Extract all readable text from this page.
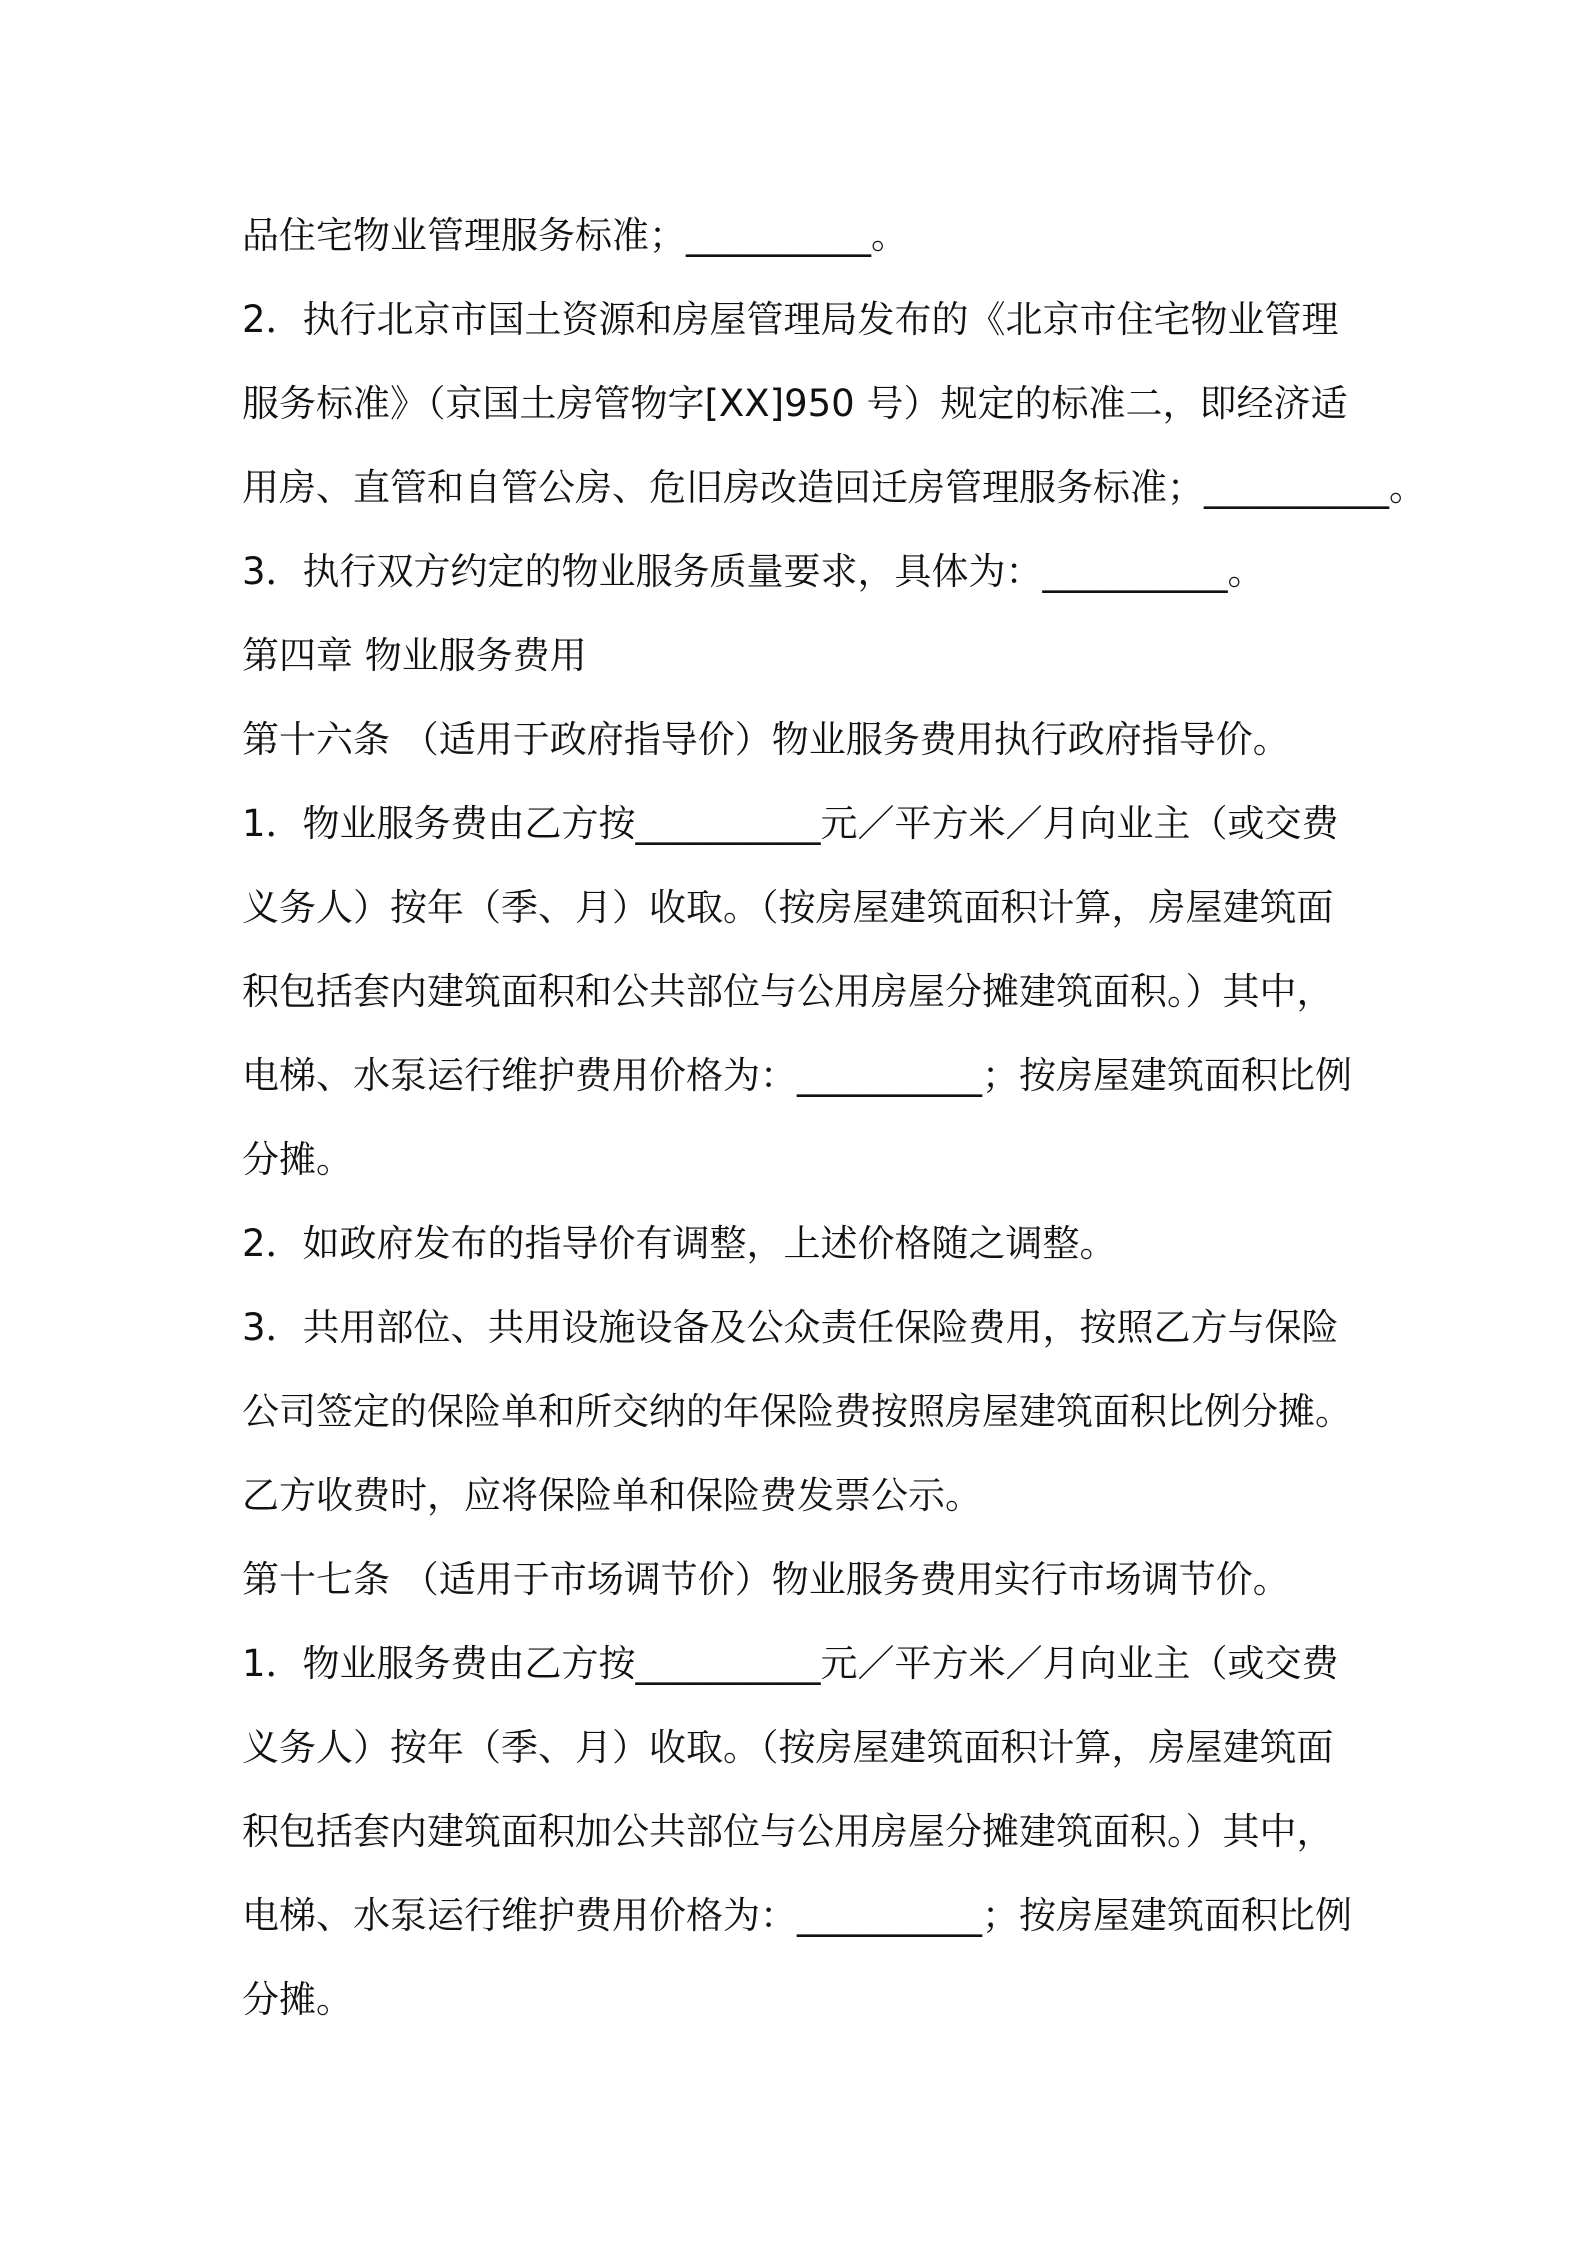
品住宅物业管理服务标准；__________。
2．执行北京市国土资源和房屋管理局发布的《北京市住宅物业管理
服务标准》（京国土房管物字[XX]950 号）规定的标准二，即经济适
用房、直管和自管公房、危旧房改造回迁房管理服务标准；__________。
3．执行双方约定的物业服务质量要求，具体为：__________。
第四章 物业服务费用
第十六条 （适用于政府指导价）物业服务费用执行政府指导价。
1．物业服务费由乙方按__________元／平方米／月向业主（或交费
义务人）按年（季、月）收取。（按房屋建筑面积计算，房屋建筑面
积包括套内建筑面积和公共部位与公用房屋分摊建筑面积。）其中，
电梯、水泵运行维护费用价格为：__________；按房屋建筑面积比例
分摊。
2．如政府发布的指导价有调整，上述价格随之调整。
3．共用部位、共用设施设备及公众责任保险费用，按照乙方与保险
公司签定的保险单和所交纳的年保险费按照房屋建筑面积比例分摊。
乙方收费时，应将保险单和保险费发票公示。
第十七条 （适用于市场调节价）物业服务费用实行市场调节价。
1．物业服务费由乙方按__________元／平方米／月向业主（或交费
义务人）按年（季、月）收取。（按房屋建筑面积计算，房屋建筑面
积包括套内建筑面积加公共部位与公用房屋分摊建筑面积。）其中，
电梯、水泵运行维护费用价格为：__________；按房屋建筑面积比例
分摊。
